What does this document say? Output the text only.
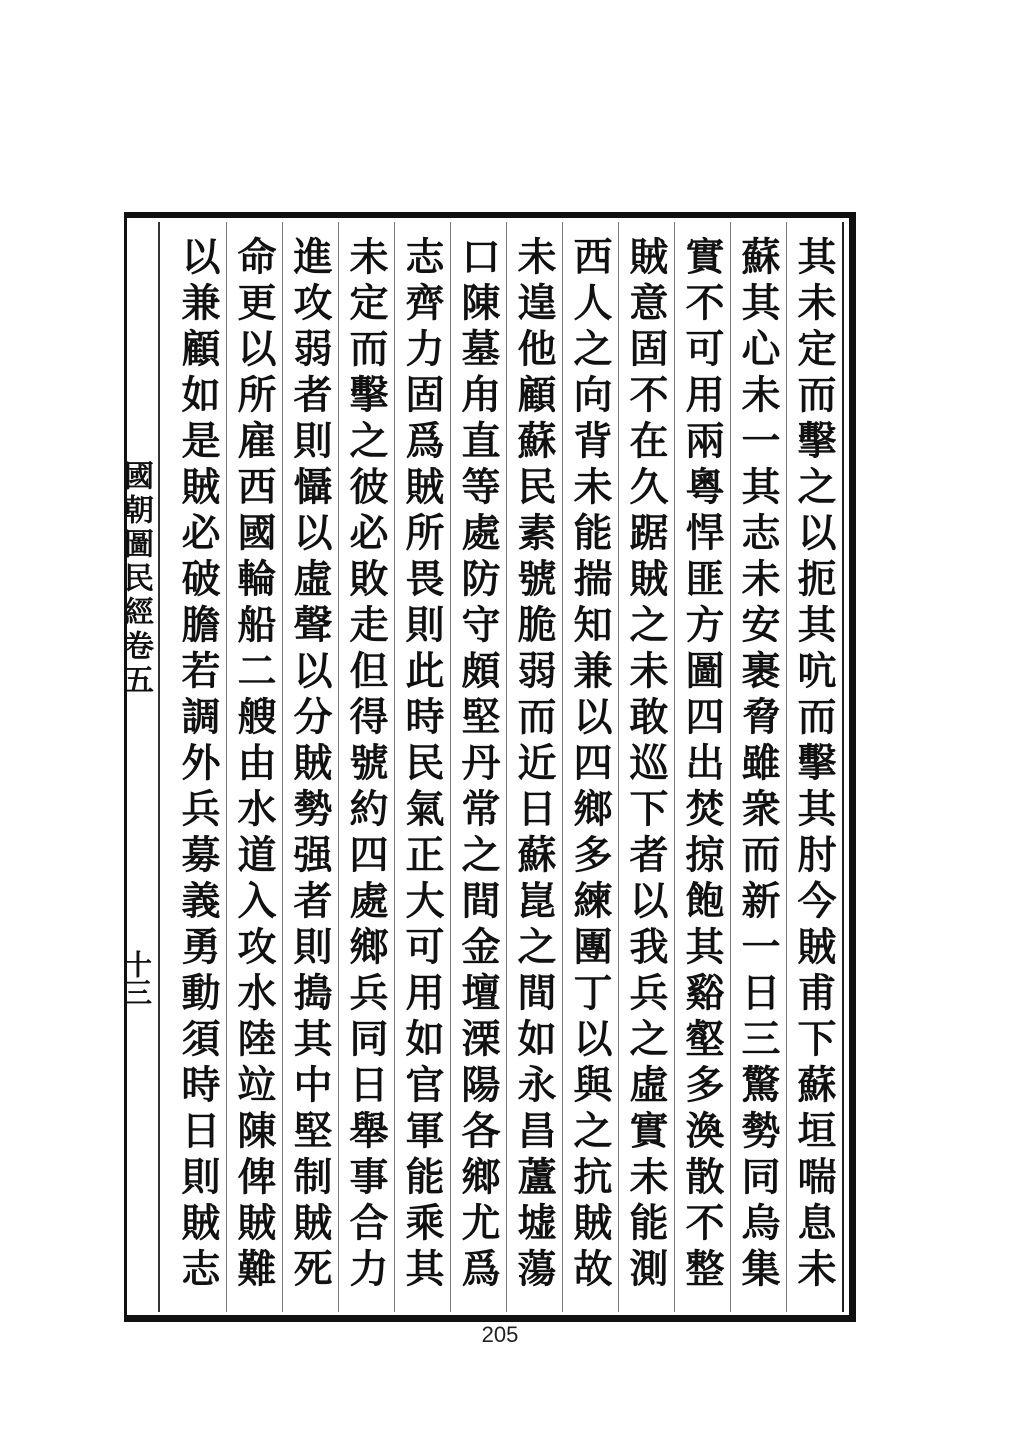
其未定而擊之以扼其吭而擊其肘今賊甫下蘇垣喘息未
蘇其心未一其志未安裹脅雖衆而新一日三驚勢同烏集
實不可用兩粵悍匪方圖四出焚掠飽其谿壑多渙散不整
賊意固不在久踞賊之未敢巡下者以我兵之虛實未能測
西人之向背未能揣知兼以四鄉多練團丁以與之抗賊故
未遑他顧蘇民素號脆弱而近日蘇崑之間如永昌蘆墟蕩
口陳墓甪直等處防守頗堅丹常之間金壇溧陽各鄉尤爲
志齊力固爲賊所畏則此時民氣正大可用如官軍能乘其
未定而擊之彼必敗走但得號約四處鄉兵同日舉事合力
進攻弱者則懾以虛聲以分賊勢强者則搗其中堅制賊死
命更以所雇西國輪船二艘由水道入攻水陸竝陳俾賊難
以兼顧如是賊必破膽若調外兵募義勇動須時日則賊志
國朝圖民經卷五
十三
205
